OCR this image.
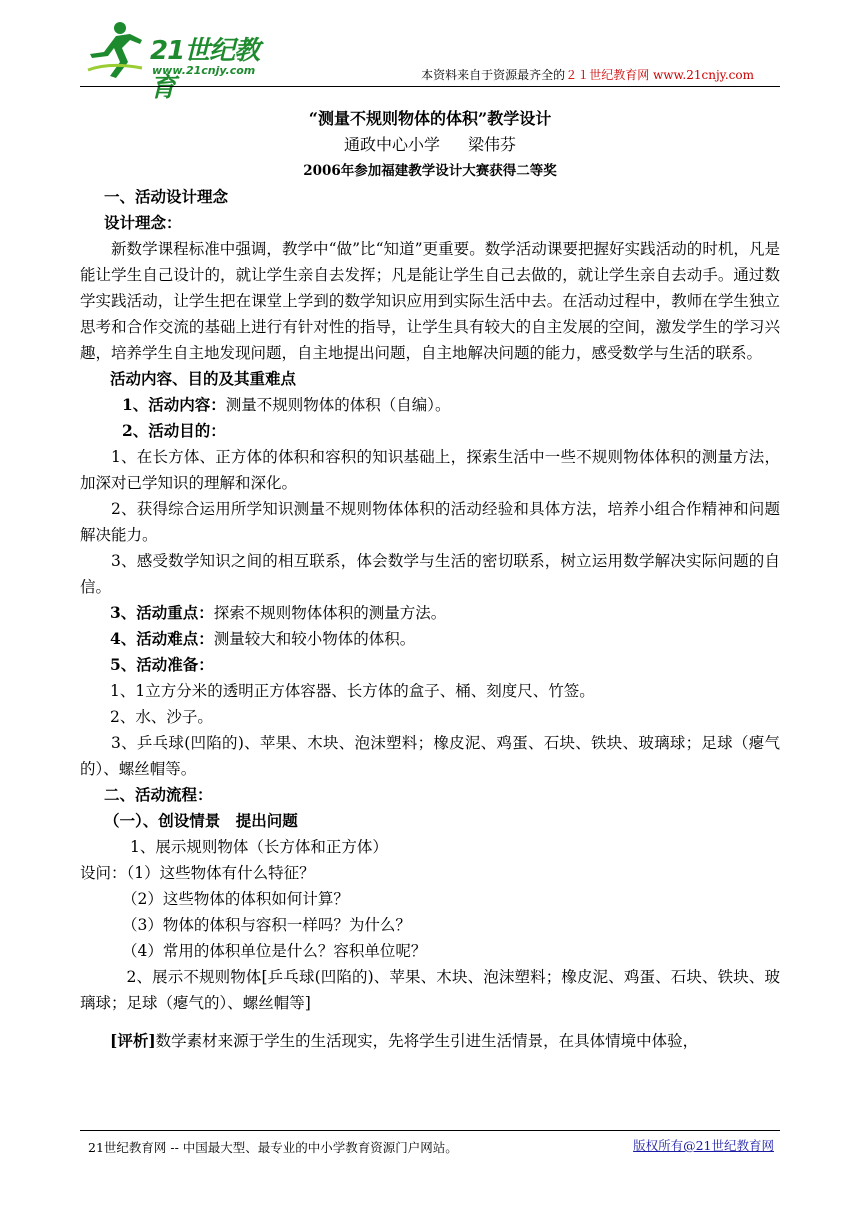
21世纪教育
www.21cnjy.com	本资料来自于资源最齐全的２１世纪教育网 www.21cnjy.com
“测量不规则物体的体积”教学设计
通政中心小学 梁伟芬
2006年参加福建教学设计大赛获得二等奖
一、活动设计理念
设计理念：
新数学课程标准中强调，教学中“做”比“知道”更重要。数学活动课要把握好实践活动的时机，凡是能让学生自己设计的，就让学生亲自去发挥；凡是能让学生自己去做的，就让学生亲自去动手。通过数学实践活动，让学生把在课堂上学到的数学知识应用到实际生活中去。在活动过程中，教师在学生独立思考和合作交流的基础上进行有针对性的指导，让学生具有较大的自主发展的空间，激发学生的学习兴趣，培养学生自主地发现问题，自主地提出问题，自主地解决问题的能力，感受数学与生活的联系。
活动内容、目的及其重难点
1、活动内容：测量不规则物体的体积（自编）。
2、活动目的：
1、在长方体、正方体的体积和容积的知识基础上，探索生活中一些不规则物体体积的测量方法，加深对已学知识的理解和深化。
2、获得综合运用所学知识测量不规则物体体积的活动经验和具体方法，培养小组合作精神和问题解决能力。
3、感受数学知识之间的相互联系，体会数学与生活的密切联系，树立运用数学解决实际问题的自信。
3、活动重点：探索不规则物体体积的测量方法。
4、活动难点：测量较大和较小物体的体积。
5、活动准备：
1、1立方分米的透明正方体容器、长方体的盒子、桶、刻度尺、竹签。
2、水、沙子。
3、乒乓球(凹陷的)、苹果、木块、泡沫塑料；橡皮泥、鸡蛋、石块、铁块、玻璃球；足球（瘪气的）、螺丝帽等。
二、活动流程：
（一）、创设情景　提出问题
1、展示规则物体（长方体和正方体）
设问：（1）这些物体有什么特征？
（2）这些物体的体积如何计算？
（3）物体的体积与容积一样吗？为什么？
（4）常用的体积单位是什么？容积单位呢？
2、展示不规则物体[乒乓球(凹陷的)、苹果、木块、泡沫塑料；橡皮泥、鸡蛋、石块、铁块、玻璃球；足球（瘪气的）、螺丝帽等]
[评析]数学素材来源于学生的生活现实，先将学生引进生活情景，在具体情境中体验，
21世纪教育网 -- 中国最大型、最专业的中小学教育资源门户网站。	版权所有@21世纪教育网
